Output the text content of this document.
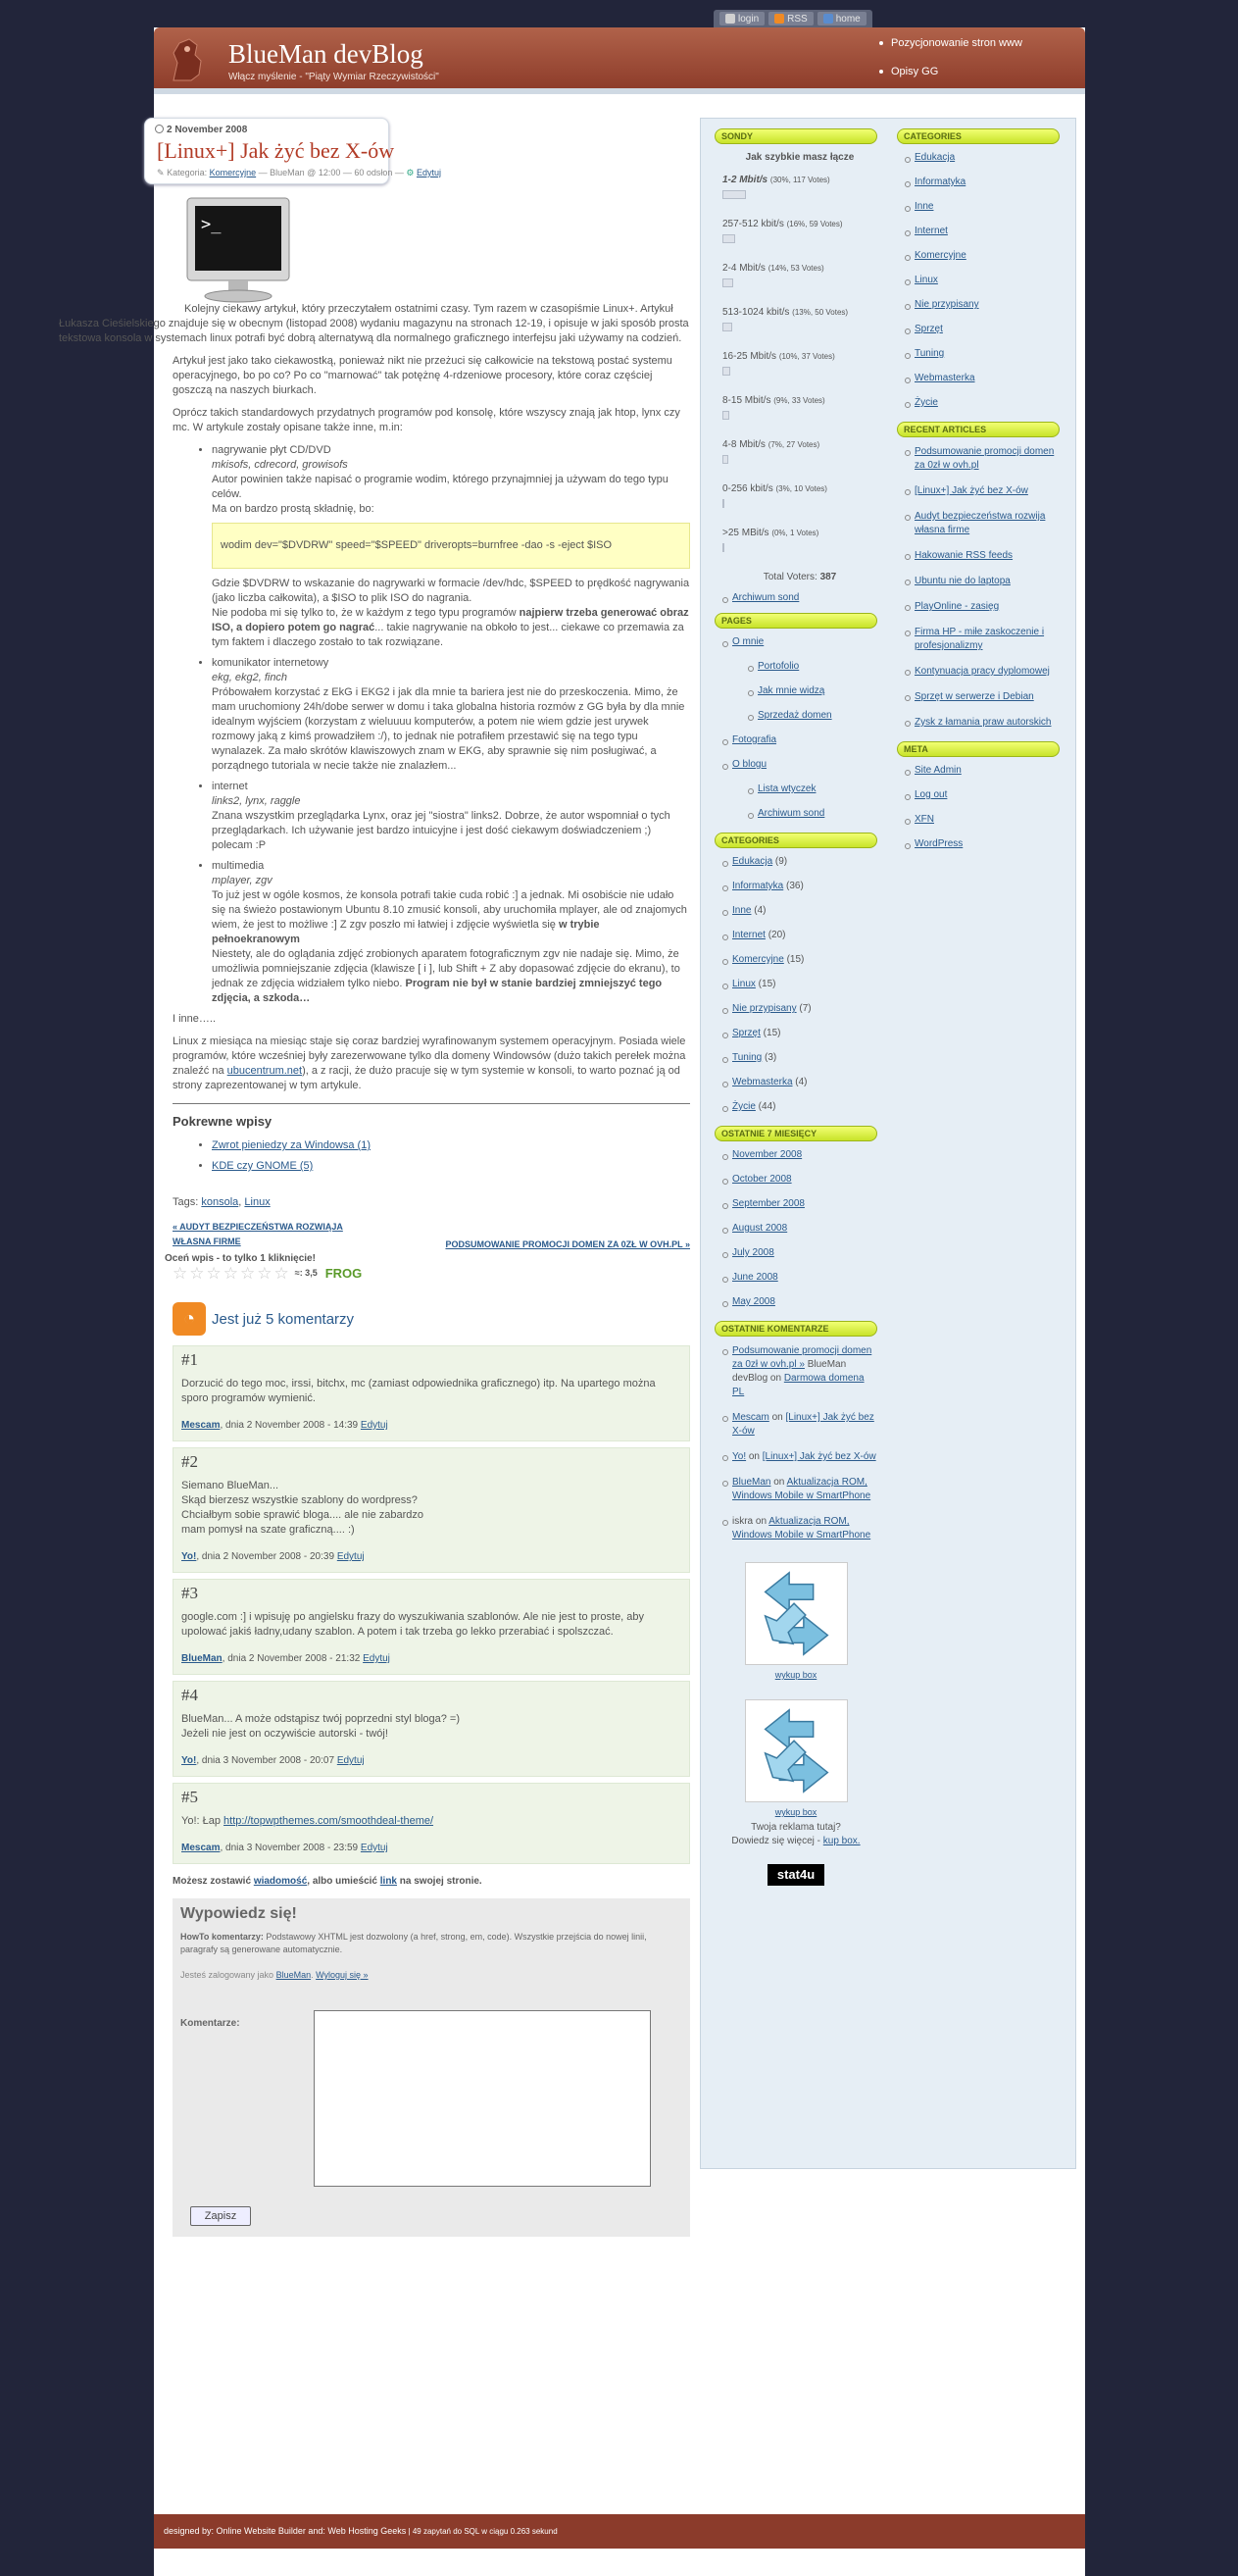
login	RSS	home
BlueMan devBlog
Włącz myślenie - "Piąty Wymiar Rzeczywistości"
Pozycjonowanie stron www
Opisy GG
2 November 2008
[Linux+] Jak żyć bez X-ów
✎ Kategoria: Komercyjne — BlueMan @ 12:00 — 60 odsłon — ⚙ Edytuj
>_

Kolejny ciekawy artykuł, który przeczytałem ostatnimi czasy. Tym razem w czasopiśmie Linux+. Artykuł Łukasza Cieśielskiego znajduje się w obecnym (listopad 2008) wydaniu magazynu na stronach 12-19, i opisuje w jaki sposób prosta tekstowa konsola w systemach linux potrafi być dobrą alternatywą dla normalnego graficznego interfejsu jaki używamy na codzień.

Artykuł jest jako tako ciekawostką, ponieważ nikt nie przeżuci się całkowicie na tekstową postać systemu operacyjnego, bo po co? Po co "marnować" tak potężnę 4-rdzeniowe procesory, które coraz częściej goszczą na naszych biurkach.

Oprócz takich standardowych przydatnych programów pod konsolę, które wszyscy znają jak htop, lynx czy mc. W artykule zostały opisane także inne, m.in:

• nagrywanie płyt CD/DVD
mkisofs, cdrecord, growisofs
Autor powinien także napisać o programie wodim, którego przynajmniej ja używam do tego typu celów.
Ma on bardzo prostą składnię, bo:
wodim dev="$DVDRW" speed="$SPEED" driveropts=burnfree -dao -s -eject $ISO
Gdzie $DVDRW to wskazanie do nagrywarki w formacie /dev/hdc, $SPEED to prędkość nagrywania (jako liczba całkowita), a $ISO to plik ISO do nagrania.
Nie podoba mi się tylko to, że w każdym z tego typu programów najpierw trzeba generować obraz ISO, a dopiero potem go nagrać... takie nagrywanie na obkoło to jest... ciekawe co przemawia za tym faktem i dlaczego zostało to tak rozwiązane.
• komunikator internetowy
ekg, ekg2, finch
Próbowałem korzystać z EkG i EKG2 i jak dla mnie ta bariera jest nie do przeskoczenia. Mimo, że mam uruchomiony 24h/dobe serwer w domu i taka globalna historia rozmów z GG była by dla mnie idealnym wyjściem (korzystam z wieluuuu komputerów, a potem nie wiem gdzie jest urywek rozmowy jaką z kimś prowadziłem :/), to jednak nie potrafiłem przestawić się na tego typu wynalazek. Za mało skrótów klawiszowych znam w EKG, aby sprawnie się nim posługiwać, a porządnego tutoriala w necie także nie znalazłem...
• internet
links2, lynx, raggle
Znana wszystkim przeglądarka Lynx, oraz jej "siostra" links2. Dobrze, że autor wspomniał o tych przeglądarkach. Ich używanie jest bardzo intuicyjne i jest dość ciekawym doświadczeniem ;) polecam :P
• multimedia
mplayer, zgv
To już jest w ogóle kosmos, że konsola potrafi takie cuda robić :] a jednak. Mi osobiście nie udało się na świeżo postawionym Ubuntu 8.10 zmusić konsoli, aby uruchomiła mplayer, ale od znajomych wiem, że jest to możliwe :] Z zgv poszło mi łatwiej i zdjęcie wyświetla się w trybie pełnoekranowym
Niestety, ale do oglądania zdjęć zrobionych aparatem fotograficznym zgv nie nadaje się. Mimo, że umożliwia pomniejszanie zdjęcia (klawisze [ i ], lub Shift + Z aby dopasować zdjęcie do ekranu), to jednak ze zdjęcia widziałem tylko niebo. Program nie był w stanie bardziej zmniejszyć tego zdjęcia, a szkoda…

I inne…..

Linux z miesiąca na miesiąc staje się coraz bardziej wyrafinowanym systemem operacyjnym. Posiada wiele programów, które wcześniej były zarezerwowane tylko dla domeny Windowsów (dużo takich perełek można znaleźć na ubucentrum.net), a z racji, że dużo pracuje się w tym systemie w konsoli, to warto poznać ją od strony zaprezentowanej w tym artykule.

Pokrewne wpisy
• Zwrot pieniedzy za Windowsa (1)
• KDE czy GNOME (5)
Tags: konsola, Linux
« AUDYT BEZPIECZEŃSTWA ROZWIĄJA WŁASNA FIRME	PODSUMOWANIE PROMOCJI DOMEN ZA 0ZŁ W OVH.PL »
Oceń wpis - to tylko 1 kliknięcie!
☆ ☆ ☆ ☆ ☆ ☆ ☆ ≈: 3,5 FROG
◔	Jest już 5 komentarzy
#1
Dorzucić do tego moc, irssi, bitchx, mc (zamiast odpowiednika graficznego) itp. Na upartego można sporo programów wymienić.
Mescam, dnia 2 November 2008 - 14:39 Edytuj
#2
Siemano BlueMan...
Skąd bierzesz wszystkie szablony do wordpress?
Chciałbym sobie sprawić bloga.... ale nie zabardzo
mam pomysł na szate graficzną.... :)
Yo!, dnia 2 November 2008 - 20:39 Edytuj
#3
google.com :] i wpisuję po angielsku frazy do wyszukiwania szablonów. Ale nie jest to proste, aby upolować jakiś ładny,udany szablon. A potem i tak trzeba go lekko przerabiać i spolszczać.
BlueMan, dnia 2 November 2008 - 21:32 Edytuj
#4
BlueMan... A może odstąpisz twój poprzedni styl bloga? =)
Jeżeli nie jest on oczywiście autorski - twój!
Yo!, dnia 3 November 2008 - 20:07 Edytuj
#5
Yo!: Łap http://topwpthemes.com/smoothdeal-theme/
Mescam, dnia 3 November 2008 - 23:59 Edytuj
Możesz zostawić wiadomość, albo umieścić link na swojej stronie.
Wypowiedz się!
HowTo komentarzy: Podstawowy XHTML jest dozwolony (a href, strong, em, code). Wszystkie przejścia do nowej linii, paragrafy są generowane automatycznie.
Jesteś zalogowany jako BlueMan. Wyloguj się »
Komentarze:
Zapisz
SONDY
Jak szybkie masz łącze
1-2 Mbit/s (30%, 117 Votes)
257-512 kbit/s (16%, 59 Votes)
2-4 Mbit/s (14%, 53 Votes)
513-1024 kbit/s (13%, 50 Votes)
16-25 Mbit/s (10%, 37 Votes)
8-15 Mbit/s (9%, 33 Votes)
4-8 Mbit/s (7%, 27 Votes)
0-256 kbit/s (3%, 10 Votes)
>25 MBit/s (0%, 1 Votes)
Total Voters: 387
Archiwum sond
PAGES
O mnie
Portofolio
Jak mnie widzą
Sprzedaż domen
Fotografia
O blogu
Lista wtyczek
Archiwum sond
CATEGORIES
Edukacja (9)
Informatyka (36)
Inne (4)
Internet (20)
Komercyjne (15)
Linux (15)
Nie przypisany (7)
Sprzęt (15)
Tuning (3)
Webmasterka (4)
Życie (44)
OSTATNIE 7 MIESIĘCY
November 2008
October 2008
September 2008
August 2008
July 2008
June 2008
May 2008
OSTATNIE KOMENTARZE
Podsumowanie promocji domen za 0zł w ovh.pl » BlueMan devBlog on Darmowa domena PL
Mescam on [Linux+] Jak żyć bez X-ów
Yo! on [Linux+] Jak żyć bez X-ów
BlueMan on Aktualizacja ROM, Windows Mobile w SmartPhone
iskra on Aktualizacja ROM, Windows Mobile w SmartPhone
wykup box
wykup box
Twoja reklama tutaj?
Dowiedz się więcej - kup box.
stat4u
CATEGORIES
Edukacja
Informatyka
Inne
Internet
Komercyjne
Linux
Nie przypisany
Sprzęt
Tuning
Webmasterka
Życie
RECENT ARTICLES
Podsumowanie promocji domen za 0zł w ovh.pl
[Linux+] Jak żyć bez X-ów
Audyt bezpieczeństwa rozwija własna firme
Hakowanie RSS feeds
Ubuntu nie do laptopa
PlayOnline - zasięg
Firma HP - miłe zaskoczenie i profesjonalizmy
Kontynuacja pracy dyplomowej
Sprzęt w serwerze i Debian
Zysk z łamania praw autorskich
META
Site Admin
Log out
XFN
WordPress
designed by: Online Website Builder and: Web Hosting Geeks | 49 zapytań do SQL w ciągu 0.263 sekund
